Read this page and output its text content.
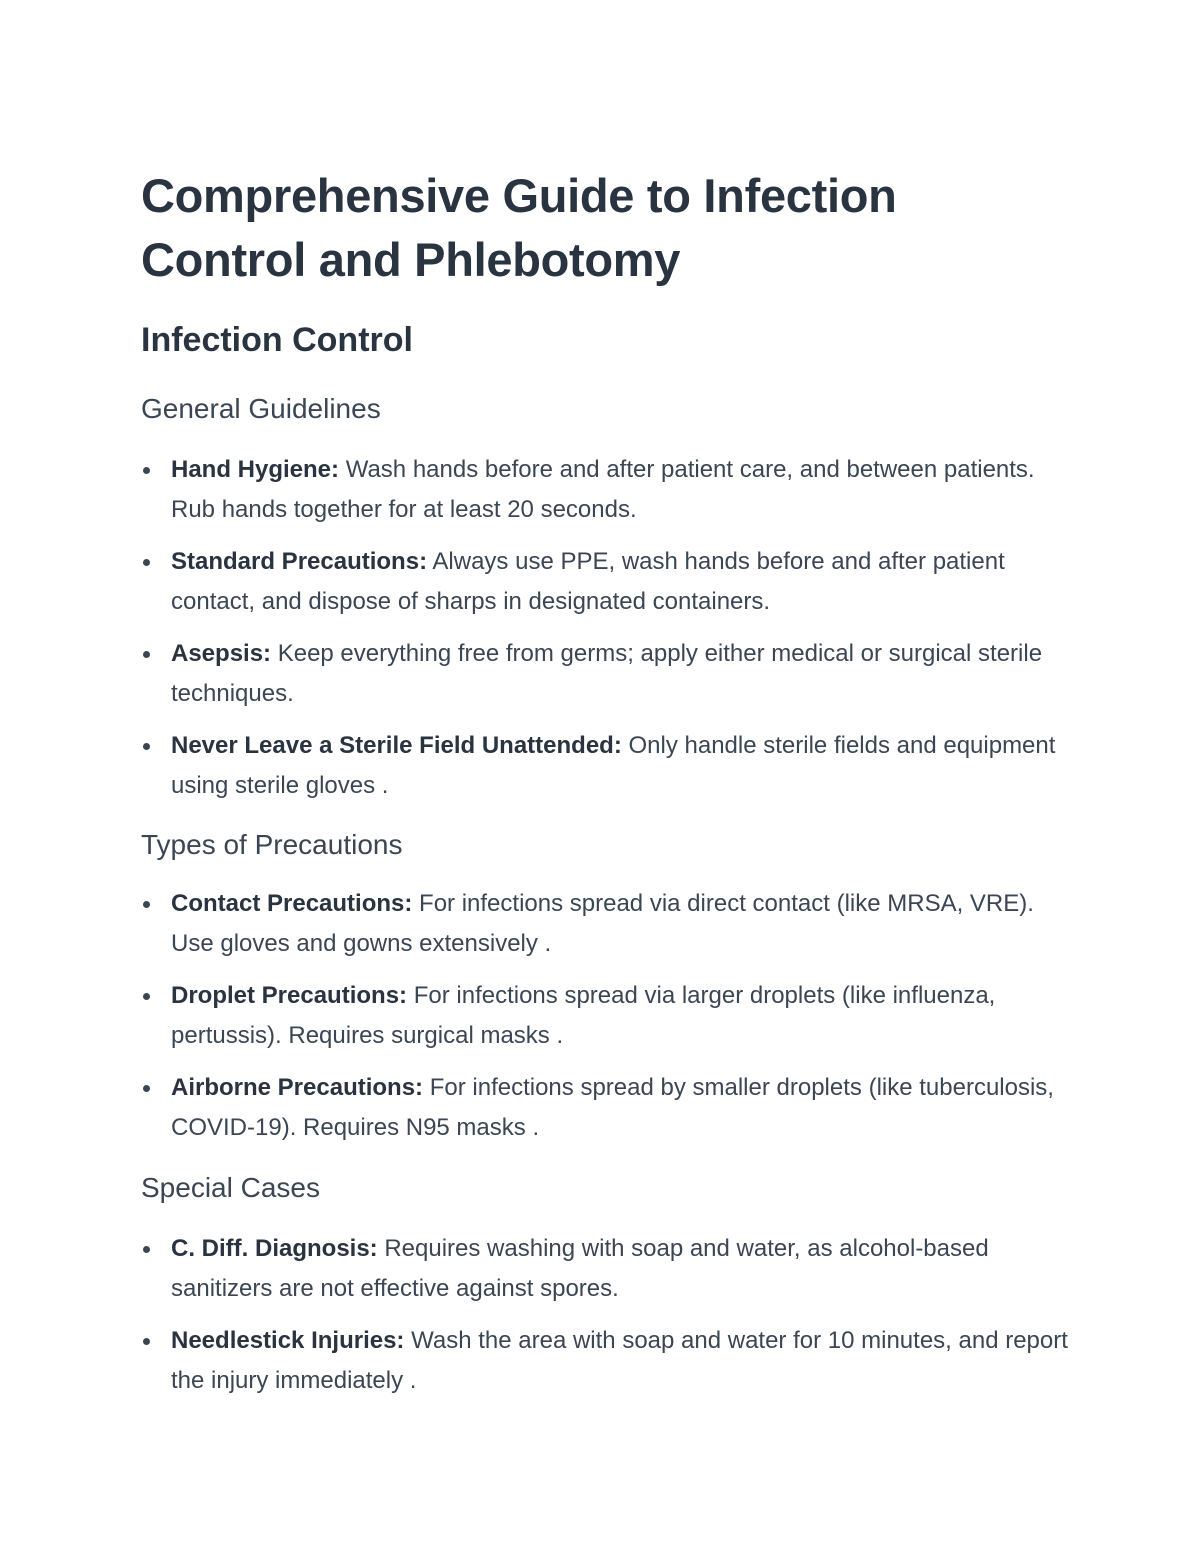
Comprehensive Guide to Infection Control and Phlebotomy
Infection Control
General Guidelines
Hand Hygiene: Wash hands before and after patient care, and between patients. Rub hands together for at least 20 seconds.
Standard Precautions: Always use PPE, wash hands before and after patient contact, and dispose of sharps in designated containers.
Asepsis: Keep everything free from germs; apply either medical or surgical sterile techniques.
Never Leave a Sterile Field Unattended: Only handle sterile fields and equipment using sterile gloves .
Types of Precautions
Contact Precautions: For infections spread via direct contact (like MRSA, VRE). Use gloves and gowns extensively .
Droplet Precautions: For infections spread via larger droplets (like influenza, pertussis). Requires surgical masks .
Airborne Precautions: For infections spread by smaller droplets (like tuberculosis, COVID-19). Requires N95 masks .
Special Cases
C. Diff. Diagnosis: Requires washing with soap and water, as alcohol-based sanitizers are not effective against spores.
Needlestick Injuries: Wash the area with soap and water for 10 minutes, and report the injury immediately .
